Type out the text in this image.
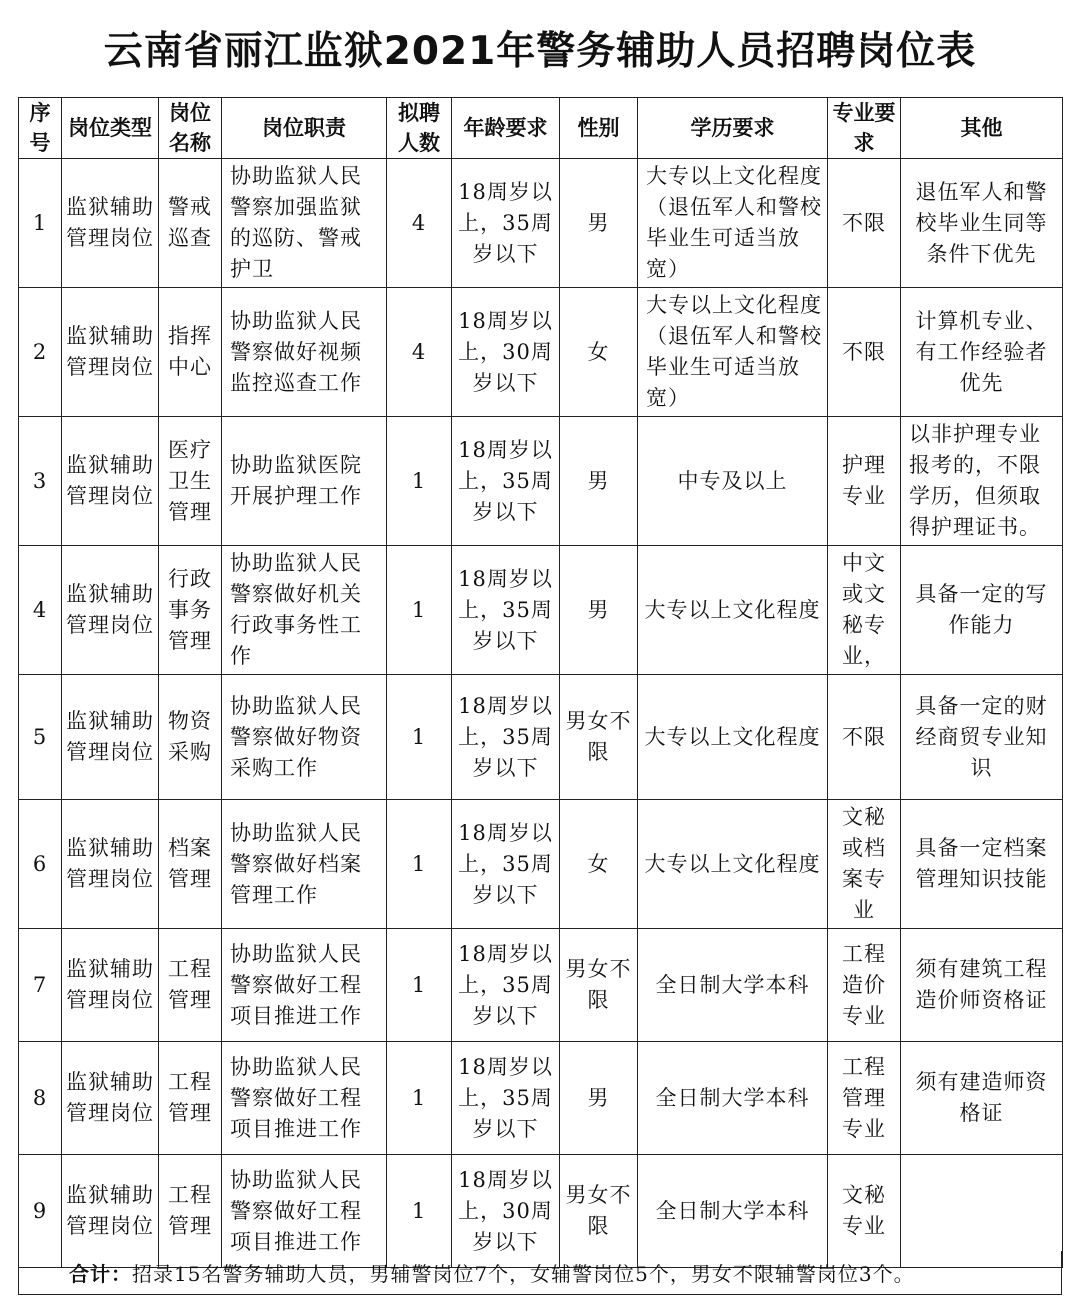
云南省丽江监狱2021年警务辅助人员招聘岗位表
序号	岗位类型	岗位名称	岗位职责	拟聘人数	年龄要求	性别	学历要求	专业要求	其他
1	监狱辅助管理岗位	警戒巡查	协助监狱人民警察加强监狱的巡防、警戒护卫	4	18周岁以上，35周岁以下	男	大专以上文化程度（退伍军人和警校毕业生可适当放宽）	不限	退伍军人和警校毕业生同等条件下优先
2	监狱辅助管理岗位	指挥中心	协助监狱人民警察做好视频监控巡查工作	4	18周岁以上，30周岁以下	女	大专以上文化程度（退伍军人和警校毕业生可适当放宽）	不限	计算机专业、有工作经验者优先
3	监狱辅助管理岗位	医疗卫生管理	协助监狱医院开展护理工作	1	18周岁以上，35周岁以下	男	中专及以上	护理专业	以非护理专业报考的，不限学历，但须取得护理证书。
4	监狱辅助管理岗位	行政事务管理	协助监狱人民警察做好机关行政事务性工作	1	18周岁以上，35周岁以下	男	大专以上文化程度	中文或文秘专业，	具备一定的写作能力
5	监狱辅助管理岗位	物资采购	协助监狱人民警察做好物资采购工作	1	18周岁以上，35周岁以下	男女不限	大专以上文化程度	不限	具备一定的财经商贸专业知识
6	监狱辅助管理岗位	档案管理	协助监狱人民警察做好档案管理工作	1	18周岁以上，35周岁以下	女	大专以上文化程度	文秘或档案专业	具备一定档案管理知识技能
7	监狱辅助管理岗位	工程管理	协助监狱人民警察做好工程项目推进工作	1	18周岁以上，35周岁以下	男女不限	全日制大学本科	工程造价专业	须有建筑工程造价师资格证
8	监狱辅助管理岗位	工程管理	协助监狱人民警察做好工程项目推进工作	1	18周岁以上，35周岁以下	男	全日制大学本科	工程管理专业	须有建造师资格证
9	监狱辅助管理岗位	工程管理	协助监狱人民警察做好工程项目推进工作	1	18周岁以上，30周岁以下	男女不限	全日制大学本科	文秘专业	
合计： 招录15名警务辅助人员，男辅警岗位7个，女辅警岗位5个，男女不限辅警岗位3个。
